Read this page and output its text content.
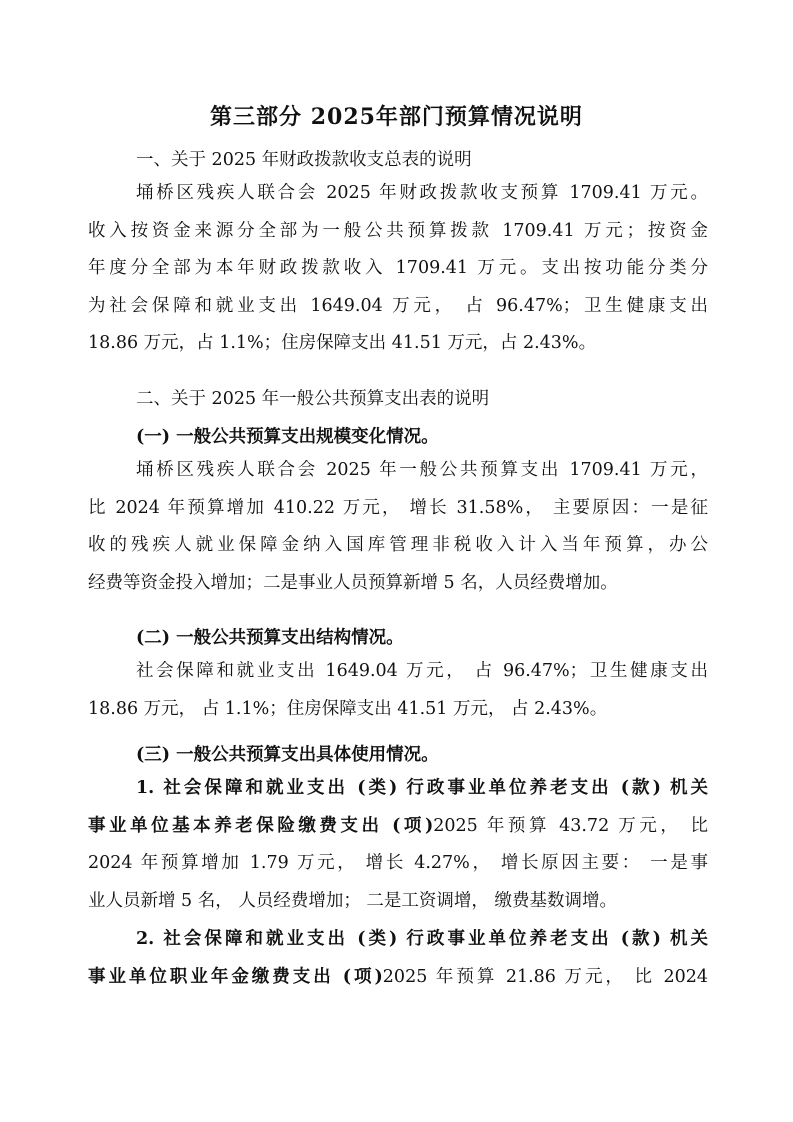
第三部分 2025年部门预算情况说明
一、关于 2025 年财政拨款收支总表的说明
埇桥区残疾人联合会 2025 年财政拨款收支预算 1709.41 万元。
收入按资金来源分全部为一般公共预算拨款 1709.41 万元；按资金
年度分全部为本年财政拨款收入 1709.41 万元。支出按功能分类分
为社会保障和就业支出 1649.04 万元， 占 96.47%；卫生健康支出
18.86 万元，占 1.1%；住房保障支出 41.51 万元，占 2.43%。
二、关于 2025 年一般公共预算支出表的说明
(一) 一般公共预算支出规模变化情况。
埇桥区残疾人联合会 2025 年一般公共预算支出 1709.41 万元，
比 2024 年预算增加 410.22 万元， 增长 31.58%， 主要原因：一是征
收的残疾人就业保障金纳入国库管理非税收入计入当年预算，办公
经费等资金投入增加；二是事业人员预算新增 5 名，人员经费增加。
(二) 一般公共预算支出结构情况。
社会保障和就业支出 1649.04 万元， 占 96.47%；卫生健康支出
18.86 万元， 占 1.1%；住房保障支出 41.51 万元， 占 2.43%。
(三) 一般公共预算支出具体使用情况。
1. 社会保障和就业支出 (类) 行政事业单位养老支出 (款) 机关
事业单位基本养老保险缴费支出 (项)2025 年预算 43.72 万元， 比
2024 年预算增加 1.79 万元， 增长 4.27%， 增长原因主要： 一是事
业人员新增 5 名， 人员经费增加； 二是工资调增， 缴费基数调增。
2. 社会保障和就业支出 (类) 行政事业单位养老支出 (款) 机关
事业单位职业年金缴费支出 (项)2025 年预算 21.86 万元， 比 2024
